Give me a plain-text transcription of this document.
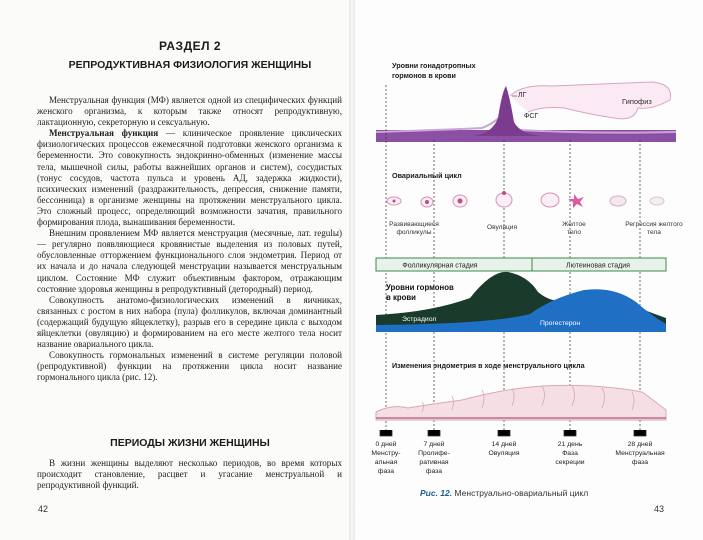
РАЗДЕЛ 2
РЕПРОДУКТИВНАЯ ФИЗИОЛОГИЯ ЖЕНЩИНЫ

Менструальная функция (МФ) является одной из специфических функций женского организма, к которым также относят репродуктивную, лактационную, секреторную и сексуальную.

Менструальная функция — клиническое проявление циклических физиологических процессов ежемесячной подготовки женского организма к беременности. Это совокупность эндокринно-обменных (изменение массы тела, мышечной силы, работы важнейших органов и систем), сосудистых (тонус сосудов, частота пульса и уровень АД, задержка жидкости), психических изменений (раздражительность, депрессия, снижение памяти, бессонница) в организме женщины на протяжении менструального цикла. Это сложный процесс, определяющий возможности зачатия, правильного формирования плода, вынашивания беременности.

Внешним проявлением МФ является менструация (месячные, лат. regulы) — регулярно появляющиеся кровянистые выделения из половых путей, обусловленные отторжением функционального слоя эндометрия. Период от их начала и до начала следующей менструации называется менструальным циклом. Состояние МФ служит объективным фактором, отражающим состояние здоровья женщины в репродуктивный (детородный) период.

Совокупность анатомо-физиологических изменений в яичниках, связанных с ростом в них набора (пула) фолликулов, включая доминантный (содержащий будущую яйцеклетку), разрыв его в середине цикла с выходом яйцеклетки (овуляцию) и формированием на его месте желтого тела носит название овариального цикла.

Совокупность гормональных изменений в системе регуляции половой (репродуктивной) функции на протяжении цикла носит название гормонального цикла (рис. 12).

ПЕРИОДЫ ЖИЗНИ ЖЕНЩИНЫ

В жизни женщины выделяют несколько периодов, во время которых происходит становление, расцвет и угасание менструальной и репродуктивной функций.

42	43
Уровни гонадотропных
гормонов в крови
Гипофиз
ЛГ
ФСГ
Овариальный цикл
Развивающиеся
фолликулы
Овуляция	Желтое
тело
Регрессия желтого
тела
Фолликулярная стадия	Лютеиновая стадия
Уровни гормонов
в крови
Эстрадиол
Прогестерон
Изменения эндометрия в ходе менструального цикла
0 дней
Менстру-
альная
фаза
7 дней
Пролифе-
ративная
фаза
14 дней
Овуляция
21 день
Фаза
секреции
28 дней
Менструальная
фаза
Рис. 12. Менструально-овариальный цикл
